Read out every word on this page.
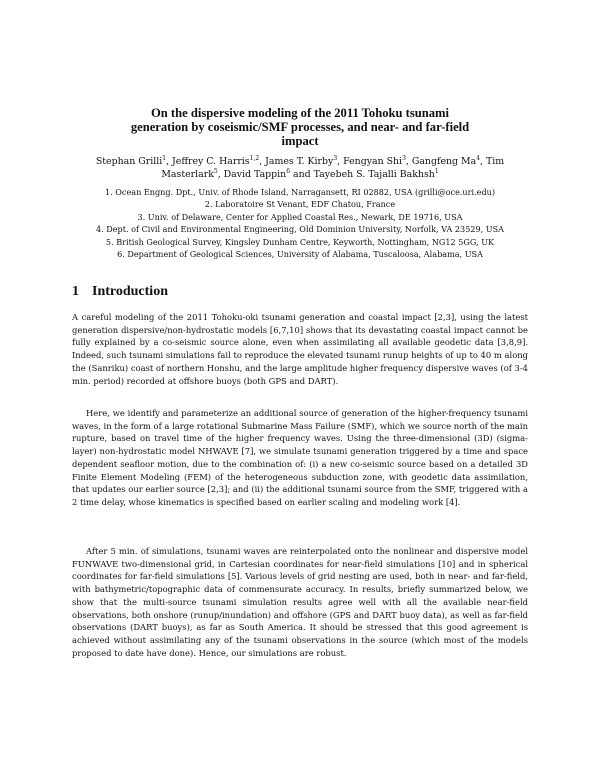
On the dispersive modeling of the 2011 Tohoku tsunami
generation by coseismic/SMF processes, and near- and far-field
impact
Stephan Grilli$^1$, Jeffrey C. Harris$^{1,2}$, James T. Kirby$^3$, Fengyan Shi$^3$, Gangfeng Ma$^4$, Tim
Masterlark$^5$, David Tappin$^6$ and Tayebeh S. Tajalli Bakhsh$^1$
1. Ocean Engng. Dpt., Univ. of Rhode Island, Narragansett, RI 02882, USA (grilli@oce.uri.edu)
2. Laboratoire St Venant, EDF Chatou, France
3. Univ. of Delaware, Center for Applied Coastal Res., Newark, DE 19716, USA
4. Dept. of Civil and Environmental Engineering, Old Dominion University, Norfolk, VA 23529, USA
5. British Geological Survey, Kingsley Dunham Centre, Keyworth, Nottingham, NG12 5GG, UK
6. Department of Geological Sciences, University of Alabama, Tuscaloosa, Alabama, USA
1 Introduction

A careful modeling of the 2011 Tohoku-oki tsunami generation and coastal impact [2,3], using the latest generation dispersive/non-hydrostatic models [6,7,10] shows that its devastating coastal impact cannot be fully explained by a co-seismic source alone, even when assimilating all available geodetic data [3,8,9]. Indeed, such tsunami simulations fail to reproduce the elevated tsunami runup heights of up to 40 m along the (Sanriku) coast of northern Honshu, and the large amplitude higher frequency dispersive waves (of 3-4 min. period) recorded at offshore buoys (both GPS and DART).

Here, we identify and parameterize an additional source of generation of the higher-frequency tsunami waves, in the form of a large rotational Submarine Mass Failure (SMF), which we source north of the main rupture, based on travel time of the higher frequency waves. Using the three-dimensional (3D) (sigma-layer) non-hydrostatic model NHWAVE [7], we simulate tsunami generation triggered by a time and space dependent seafloor motion, due to the combination of: (i) a new co-seismic source based on a detailed 3D Finite Element Modeling (FEM) of the heterogeneous subduction zone, with geodetic data assimilation, that updates our earlier source [2,3]; and (ii) the additional tsunami source from the SMF, triggered with a 2 time delay, whose kinematics is specified based on earlier scaling and modeling work [4].

After 5 min. of simulations, tsunami waves are reinterpolated onto the nonlinear and dispersive model FUNWAVE two-dimensional grid, in Cartesian coordinates for near-field simulations [10] and in spherical coordinates for far-field simulations [5]. Various levels of grid nesting are used, both in near- and far-field, with bathymetric/topographic data of commensurate accuracy. In results, briefly summarized below, we show that the multi-source tsunami simulation results agree well with all the available near-field observations, both onshore (runup/inundation) and offshore (GPS and DART buoy data), as well as far-field observations (DART buoys), as far as South America. It should be stressed that this good agreement is achieved without assimilating any of the tsunami observations in the source (which most of the models proposed to date have done). Hence, our simulations are robust.
